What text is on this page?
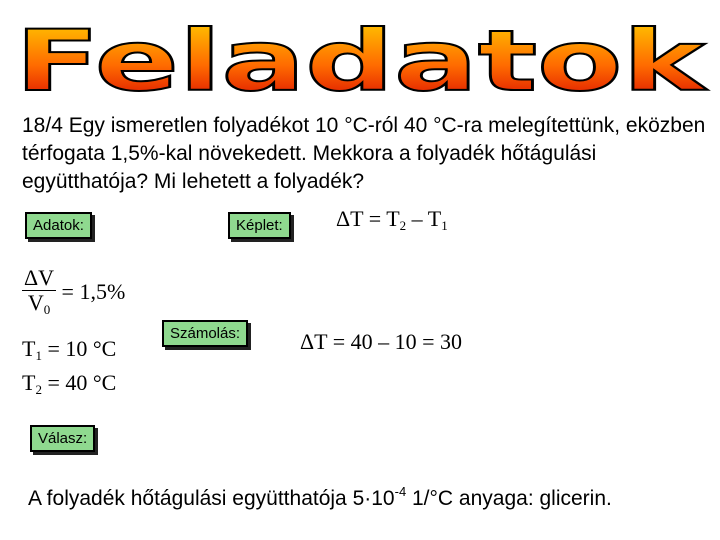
Feladatok
18/4 Egy ismeretlen folyadékot 10 °C-ról 40 °C-ra melegítettünk, eközben térfogata 1,5%-kal növekedett. Mekkora a folyadék hőtágulási együtthatója? Mi lehetett a folyadék?
Adatok:	Képlet:
Számolás:
Válasz:
$\Delta T = T_2 - T_1$
$\frac{\Delta V}{V_0} = 1,5\%$
$T_1 = 10$ °C
$T_2 = 40$ °C
ΔT = 40 – 10 = 30
A folyadék hőtágulási együtthatója $5\cdot 10^{-4}$ 1/°C anyaga: glicerin.
